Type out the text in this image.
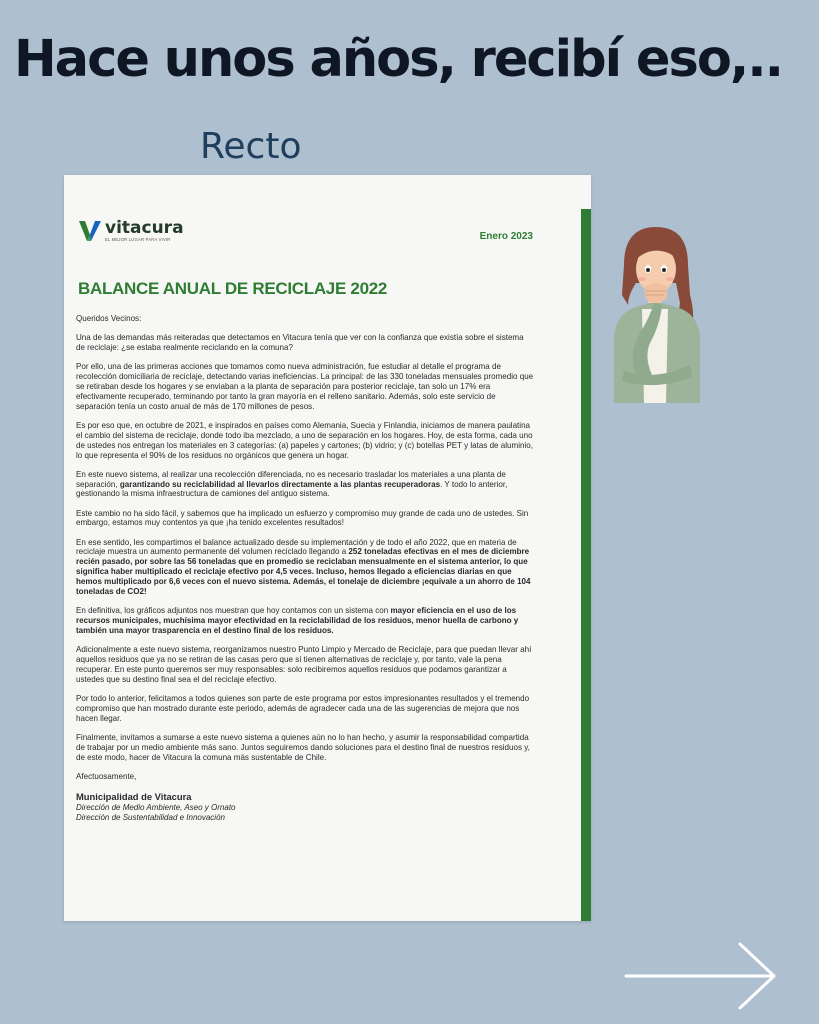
Hace unos años, recibí eso,..
Recto
vitacura
EL MEJOR LUGAR PARA VIVIR	Enero 2023
BALANCE ANUAL DE RECICLAJE 2022

Queridos Vecinos:

Una de las demandas más reiteradas que detectamos en Vitacura tenía que ver con la confianza que existía sobre el sistema de reciclaje: ¿se estaba realmente reciclando en la comuna?

Por ello, una de las primeras acciones que tomamos como nueva administración, fue estudiar al detalle el programa de recolección domiciliaria de reciclaje, detectando varias ineficiencias. La principal: de las 330 toneladas mensuales promedio que se retiraban desde los hogares y se enviaban a la planta de separación para posterior reciclaje, tan solo un 17% era efectivamente recuperado, terminando por tanto la gran mayoría en el relleno sanitario. Además, solo este servicio de separación tenía un costo anual de más de 170 millones de pesos.

Es por eso que, en octubre de 2021, e inspirados en países como Alemania, Suecia y Finlandia, iniciamos de manera paulatina el cambio del sistema de reciclaje, donde todo iba mezclado, a uno de separación en los hogares. Hoy, de esta forma, cada uno de ustedes nos entregan los materiales en 3 categorías: (a) papeles y cartones; (b) vidrio; y (c) botellas PET y latas de aluminio, lo que representa el 90% de los residuos no orgánicos que genera un hogar.

En este nuevo sistema, al realizar una recolección diferenciada, no es necesario trasladar los materiales a una planta de separación, garantizando su reciclabilidad al llevarlos directamente a las plantas recuperadoras. Y todo lo anterior, gestionando la misma infraestructura de camiones del antiguo sistema.

Este cambio no ha sido fácil, y sabemos que ha implicado un esfuerzo y compromiso muy grande de cada uno de ustedes. Sin embargo, estamos muy contentos ya que ¡ha tenido excelentes resultados!

En ese sentido, les compartimos el balance actualizado desde su implementación y de todo el año 2022, que en materia de reciclaje muestra un aumento permanente del volumen reciclado llegando a 252 toneladas efectivas en el mes de diciembre recién pasado, por sobre las 56 toneladas que en promedio se reciclaban mensualmente en el sistema anterior, lo que significa haber multiplicado el reciclaje efectivo por 4,5 veces. Incluso, hemos llegado a eficiencias diarias en que hemos multiplicado por 6,6 veces con el nuevo sistema. Además, el tonelaje de diciembre ¡equivale a un ahorro de 104 toneladas de CO2!

En definitiva, los gráficos adjuntos nos muestran que hoy contamos con un sistema con mayor eficiencia en el uso de los recursos municipales, muchísima mayor efectividad en la reciclabilidad de los residuos, menor huella de carbono y también una mayor trasparencia en el destino final de los residuos.

Adicionalmente a este nuevo sistema, reorganizamos nuestro Punto Limpio y Mercado de Reciclaje, para que puedan llevar ahí aquellos residuos que ya no se retiran de las casas pero que sí tienen alternativas de reciclaje y, por tanto, vale la pena recuperar. En este punto queremos ser muy responsables: solo recibiremos aquellos residuos que podamos garantizar a ustedes que su destino final sea el del reciclaje efectivo.

Por todo lo anterior, felicitamos a todos quienes son parte de este programa por estos impresionantes resultados y el tremendo compromiso que han mostrado durante este periodo, además de agradecer cada una de las sugerencias de mejora que nos hacen llegar.

Finalmente, invitamos a sumarse a este nuevo sistema a quienes aún no lo han hecho, y asumir la responsabilidad compartida de trabajar por un medio ambiente más sano. Juntos seguiremos dando soluciones para el destino final de nuestros residuos y, de este modo, hacer de Vitacura la comuna más sustentable de Chile.

Afectuosamente,

Municipalidad de Vitacura
Dirección de Medio Ambiente, Aseo y Ornato
Dirección de Sustentabilidad e Innovación
